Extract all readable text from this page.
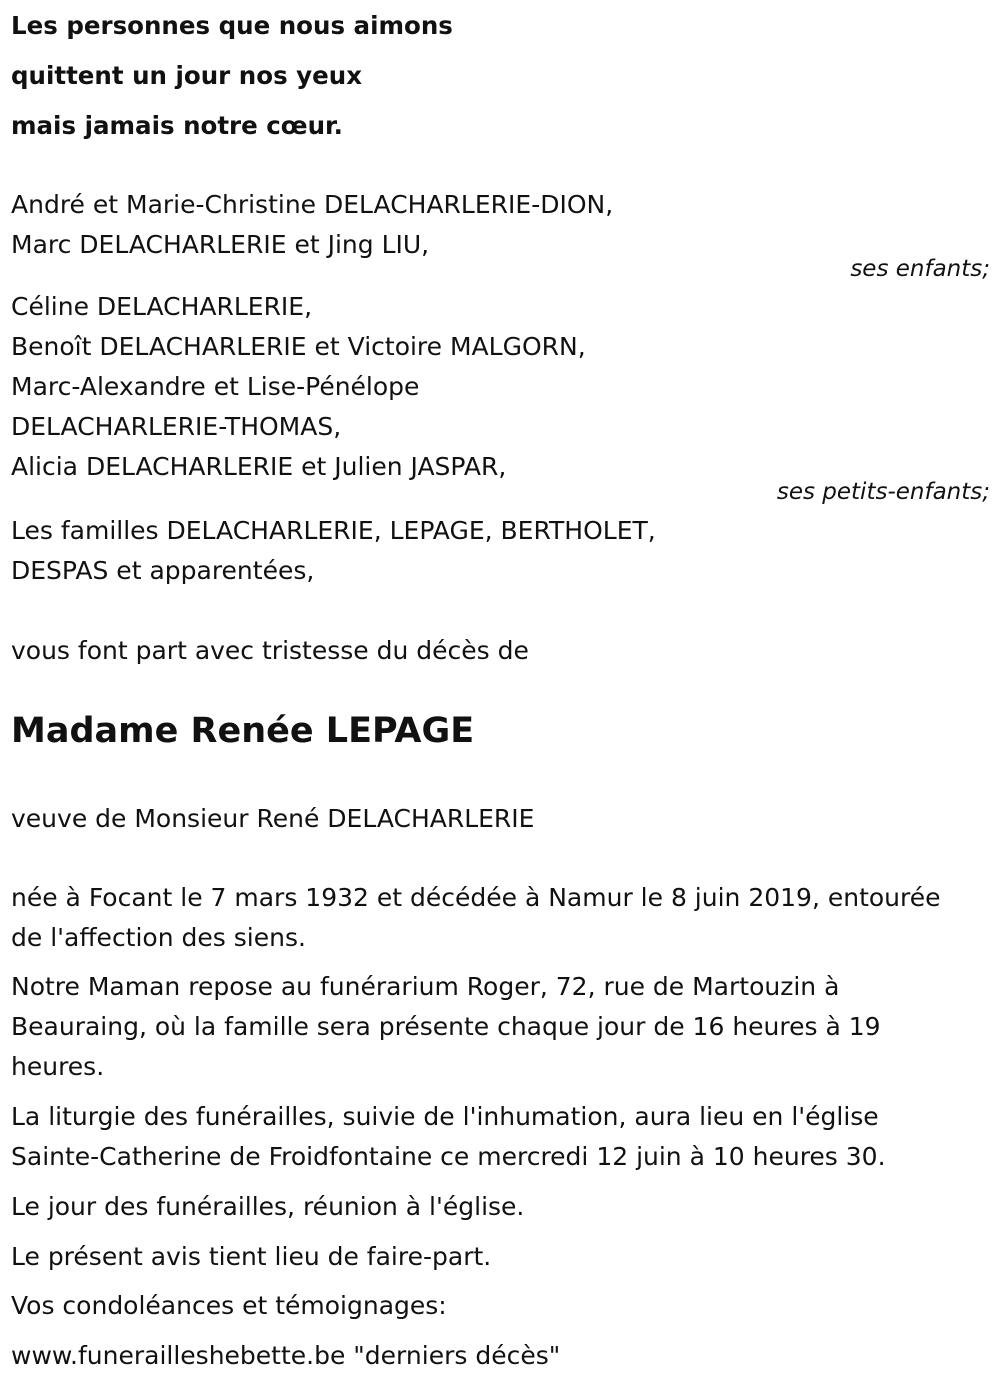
Les personnes que nous aimons
quittent un jour nos yeux
mais jamais notre cœur.
André et Marie-Christine DELACHARLERIE-DION,
Marc DELACHARLERIE et Jing LIU,
ses enfants;
Céline DELACHARLERIE,
Benoît DELACHARLERIE et Victoire MALGORN,
Marc-Alexandre et Lise-Pénélope
DELACHARLERIE-THOMAS,
Alicia DELACHARLERIE et Julien JASPAR,
ses petits-enfants;
Les familles DELACHARLERIE, LEPAGE, BERTHOLET,
DESPAS et apparentées,
vous font part avec tristesse du décès de
Madame Renée LEPAGE
veuve de Monsieur René DELACHARLERIE
née à Focant le 7 mars 1932 et décédée à Namur le 8 juin 2019, entourée
de l'affection des siens.
Notre Maman repose au funérarium Roger, 72, rue de Martouzin à
Beauraing, où la famille sera présente chaque jour de 16 heures à 19
heures.
La liturgie des funérailles, suivie de l'inhumation, aura lieu en l'église
Sainte-Catherine de Froidfontaine ce mercredi 12 juin à 10 heures 30.
Le jour des funérailles, réunion à l'église.
Le présent avis tient lieu de faire-part.
Vos condoléances et témoignages:
www.funerailleshebette.be "derniers décès"
